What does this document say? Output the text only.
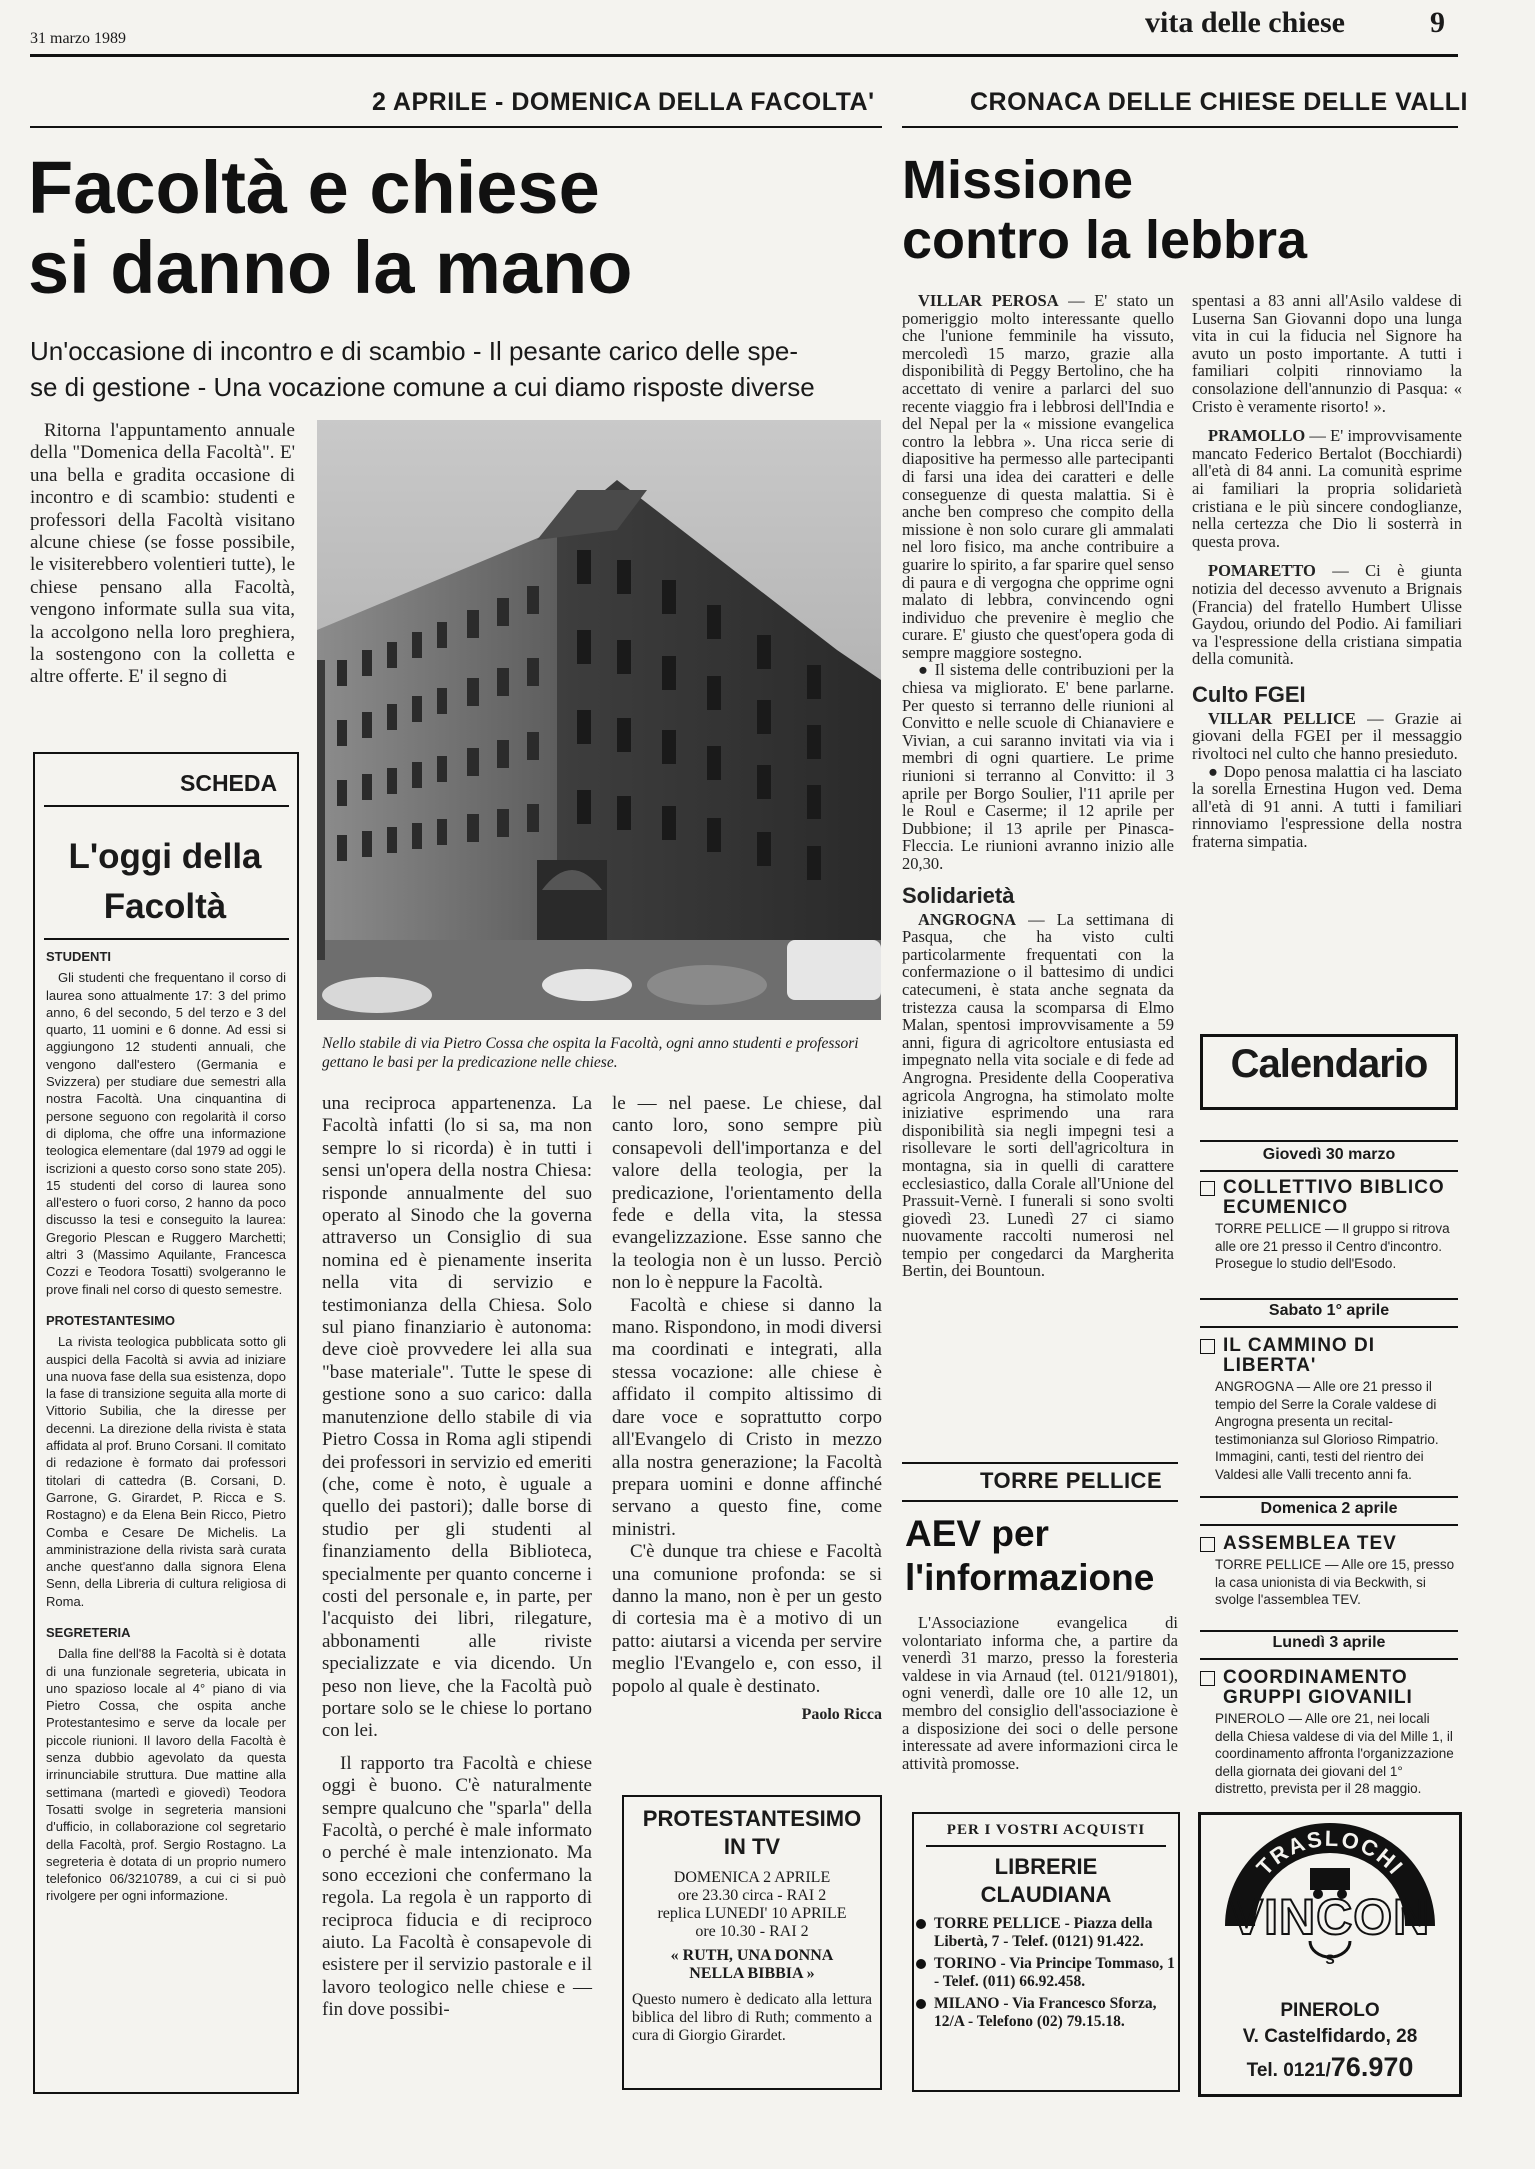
31 marzo 1989	vita delle chiese	9
2 APRILE - DOMENICA DELLA FACOLTA'
Facoltà e chiese
si danno la mano
Un'occasione di incontro e di scambio - Il pesante carico delle spe-
se di gestione - Una vocazione comune a cui diamo risposte diverse

Ritorna l'appuntamento annuale della "Domenica della Facoltà". E' una bella e gradita occasione di incontro e di scambio: studenti e professori della Facoltà visitano alcune chiese (se fosse possibile, le visiterebbero volentieri tutte), le chiese pensano alla Facoltà, vengono informate sulla sua vita, la accolgono nella loro preghiera, la sostengono con la colletta e altre offerte. E' il segno di

Nello stabile di via Pietro Cossa che ospita la Facoltà, ogni anno studenti e professori gettano le basi per la predicazione nelle chiese.

SCHEDA
L'oggi della
Facoltà
STUDENTI

Gli studenti che frequentano il corso di laurea sono attualmente 17: 3 del primo anno, 6 del secondo, 5 del terzo e 3 del quarto, 11 uomini e 6 donne. Ad essi si aggiungono 12 studenti annuali, che vengono dall'estero (Germania e Svizzera) per studiare due semestri alla nostra Facoltà. Una cinquantina di persone seguono con regolarità il corso di diploma, che offre una informazione teologica elementare (dal 1979 ad oggi le iscrizioni a questo corso sono state 205). 15 studenti del corso di laurea sono all'estero o fuori corso, 2 hanno da poco discusso la tesi e conseguito la laurea: Gregorio Plescan e Ruggero Marchetti; altri 3 (Massimo Aquilante, Francesca Cozzi e Teodora Tosatti) svolgeranno le prove finali nel corso di questo semestre.

PROTESTANTESIMO

La rivista teologica pubblicata sotto gli auspici della Facoltà si avvia ad iniziare una nuova fase della sua esistenza, dopo la fase di transizione seguita alla morte di Vittorio Subilia, che la diresse per decenni. La direzione della rivista è stata affidata al prof. Bruno Corsani. Il comitato di redazione è formato dai professori titolari di cattedra (B. Corsani, D. Garrone, G. Girardet, P. Ricca e S. Rostagno) e da Elena Bein Ricco, Pietro Comba e Cesare De Michelis. La amministrazione della rivista sarà curata anche quest'anno dalla signora Elena Senn, della Libreria di cultura religiosa di Roma.

SEGRETERIA

Dalla fine dell'88 la Facoltà si è dotata di una funzionale segreteria, ubicata in uno spazioso locale al 4° piano di via Pietro Cossa, che ospita anche Protestantesimo e serve da locale per piccole riunioni. Il lavoro della Facoltà è senza dubbio agevolato da questa irrinunciabile struttura. Due mattine alla settimana (martedì e giovedì) Teodora Tosatti svolge in segreteria mansioni d'ufficio, in collaborazione col segretario della Facoltà, prof. Sergio Rostagno. La segreteria è dotata di un proprio numero telefonico 06/3210789, a cui ci si può rivolgere per ogni informazione.

una reciproca appartenenza. La Facoltà infatti (lo si sa, ma non sempre lo si ricorda) è in tutti i sensi un'opera della nostra Chiesa: risponde annualmente del suo operato al Sinodo che la governa attraverso un Consiglio di sua nomina ed è pienamente inserita nella vita di servizio e testimonianza della Chiesa. Solo sul piano finanziario è autonoma: deve cioè provvedere lei alla sua "base materiale". Tutte le spese di gestione sono a suo carico: dalla manutenzione dello stabile di via Pietro Cossa in Roma agli stipendi dei professori in servizio ed emeriti (che, come è noto, è uguale a quello dei pastori); dalle borse di studio per gli studenti al finanziamento della Biblioteca, specialmente per quanto concerne i costi del personale e, in parte, per l'acquisto dei libri, rilegature, abbonamenti alle riviste specializzate e via dicendo. Un peso non lieve, che la Facoltà può portare solo se le chiese lo portano con lei.

Il rapporto tra Facoltà e chiese oggi è buono. C'è naturalmente sempre qualcuno che "sparla" della Facoltà, o perché è male informato o perché è male intenzionato. Ma sono eccezioni che confermano la regola. La regola è un rapporto di reciproca fiducia e di reciproco aiuto. La Facoltà è consapevole di esistere per il servizio pastorale e il lavoro teologico nelle chiese e — fin dove possibi-

le — nel paese. Le chiese, dal canto loro, sono sempre più consapevoli dell'importanza e del valore della teologia, per la predicazione, l'orientamento della fede e della vita, la stessa evangelizzazione. Esse sanno che la teologia non è un lusso. Perciò non lo è neppure la Facoltà.

Facoltà e chiese si danno la mano. Rispondono, in modi diversi ma coordinati e integrati, alla stessa vocazione: alle chiese è affidato il compito altissimo di dare voce e soprattutto corpo all'Evangelo di Cristo in mezzo alla nostra generazione; la Facoltà prepara uomini e donne affinché servano a questo fine, come ministri.

C'è dunque tra chiese e Facoltà una comunione profonda: se si danno la mano, non è per un gesto di cortesia ma è a motivo di un patto: aiutarsi a vicenda per servire meglio l'Evangelo e, con esso, il popolo al quale è destinato.

Paolo Ricca

PROTESTANTESIMO
IN TV
DOMENICA 2 APRILE
ore 23.30 circa - RAI 2
replica LUNEDI' 10 APRILE
ore 10.30 - RAI 2
« RUTH, UNA DONNA
NELLA BIBBIA »
Questo numero è dedicato alla lettura biblica del libro di Ruth; commento a cura di Giorgio Girardet.
CRONACA DELLE CHIESE DELLE VALLI
Missione
contro la lebbra

VILLAR PEROSA — E' stato un pomeriggio molto interessante quello che l'unione femminile ha vissuto, mercoledì 15 marzo, grazie alla disponibilità di Peggy Bertolino, che ha accettato di venire a parlarci del suo recente viaggio fra i lebbrosi dell'India e del Nepal per la « missione evangelica contro la lebbra ». Una ricca serie di diapositive ha permesso alle partecipanti di farsi una idea dei caratteri e delle conseguenze di questa malattia. Si è anche ben compreso che compito della missione è non solo curare gli ammalati nel loro fisico, ma anche contribuire a guarire lo spirito, a far sparire quel senso di paura e di vergogna che opprime ogni malato di lebbra, convincendo ogni individuo che prevenire è meglio che curare. E' giusto che quest'opera goda di sempre maggiore sostegno.

● Il sistema delle contribuzioni per la chiesa va migliorato. E' bene parlarne. Per questo si terranno delle riunioni al Convitto e nelle scuole di Chianaviere e Vivian, a cui saranno invitati via via i membri di ogni quartiere. Le prime riunioni si terranno al Convitto: il 3 aprile per Borgo Soulier, l'11 aprile per le Roul e Caserme; il 12 aprile per Dubbione; il 13 aprile per Pinasca-Fleccia. Le riunioni avranno inizio alle 20,30.

Solidarietà

ANGROGNA — La settimana di Pasqua, che ha visto culti particolarmente frequentati con la confermazione o il battesimo di undici catecumeni, è stata anche segnata da tristezza causa la scomparsa di Elmo Malan, spentosi improvvisamente a 59 anni, figura di agricoltore entusiasta ed impegnato nella vita sociale e di fede ad Angrogna. Presidente della Cooperativa agricola Angrogna, ha stimolato molte iniziative esprimendo una rara disponibilità sia negli impegni tesi a risollevare le sorti dell'agricoltura in montagna, sia in quelli di carattere ecclesiastico, dalla Corale all'Unione del Prassuit-Vernè. I funerali si sono svolti giovedì 23. Lunedì 27 ci siamo nuovamente raccolti numerosi nel tempio per congedarci da Margherita Bertin, dei Bountoun.

spentasi a 83 anni all'Asilo valdese di Luserna San Giovanni dopo una lunga vita in cui la fiducia nel Signore ha avuto un posto importante. A tutti i familiari colpiti rinnoviamo la consolazione dell'annunzio di Pasqua: « Cristo è veramente risorto! ».

PRAMOLLO — E' improvvisamente mancato Federico Bertalot (Bocchiardi) all'età di 84 anni. La comunità esprime ai familiari la propria solidarietà cristiana e le più sincere condoglianze, nella certezza che Dio li sosterrà in questa prova.

POMARETTO — Ci è giunta notizia del decesso avvenuto a Brignais (Francia) del fratello Humbert Ulisse Gaydou, oriundo del Podio. Ai familiari va l'espressione della cristiana simpatia della comunità.

Culto FGEI

VILLAR PELLICE — Grazie ai giovani della FGEI per il messaggio rivoltoci nel culto che hanno presieduto.

● Dopo penosa malattia ci ha lasciato la sorella Ernestina Hugon ved. Dema all'età di 91 anni. A tutti i familiari rinnoviamo l'espressione della nostra fraterna simpatia.

TORRE PELLICE
AEV per
l'informazione

L'Associazione evangelica di volontariato informa che, a partire da venerdì 31 marzo, presso la foresteria valdese in via Arnaud (tel. 0121/91801), ogni venerdì, dalle ore 10 alle 12, un membro del consiglio dell'associazione è a disposizione dei soci o delle persone interessate ad avere informazioni circa le attività promosse.

Calendario
Giovedì 30 marzo
COLLETTIVO BIBLICO ECUMENICO

TORRE PELLICE — Il gruppo si ritrova alle ore 21 presso il Centro d'incontro. Prosegue lo studio dell'Esodo.

Sabato 1° aprile
IL CAMMINO DI LIBERTA'

ANGROGNA — Alle ore 21 presso il tempio del Serre la Corale valdese di Angrogna presenta un recital-testimonianza sul Glorioso Rimpatrio. Immagini, canti, testi del rientro dei Valdesi alle Valli trecento anni fa.

Domenica 2 aprile
ASSEMBLEA TEV

TORRE PELLICE — Alle ore 15, presso la casa unionista di via Beckwith, si svolge l'assemblea TEV.

Lunedì 3 aprile
COORDINAMENTO GRUPPI GIOVANILI

PINEROLO — Alle ore 21, nei locali della Chiesa valdese di via del Mille 1, il coordinamento affronta l'organizzazione della giornata dei giovani del 1° distretto, prevista per il 28 maggio.

PER I VOSTRI ACQUISTI
LIBRERIE
CLAUDIANA
TORRE PELLICE - Piazza della Libertà, 7 - Telef. (0121) 91.422.
TORINO - Via Principe Tommaso, 1 - Telef. (011) 66.92.458.
MILANO - Via Francesco Sforza, 12/A - Telefono (02) 79.15.18.
TRASLOCHI
VINCON
S
PINEROLO
V. Castelfidardo, 28
Tel. 0121/76.970
